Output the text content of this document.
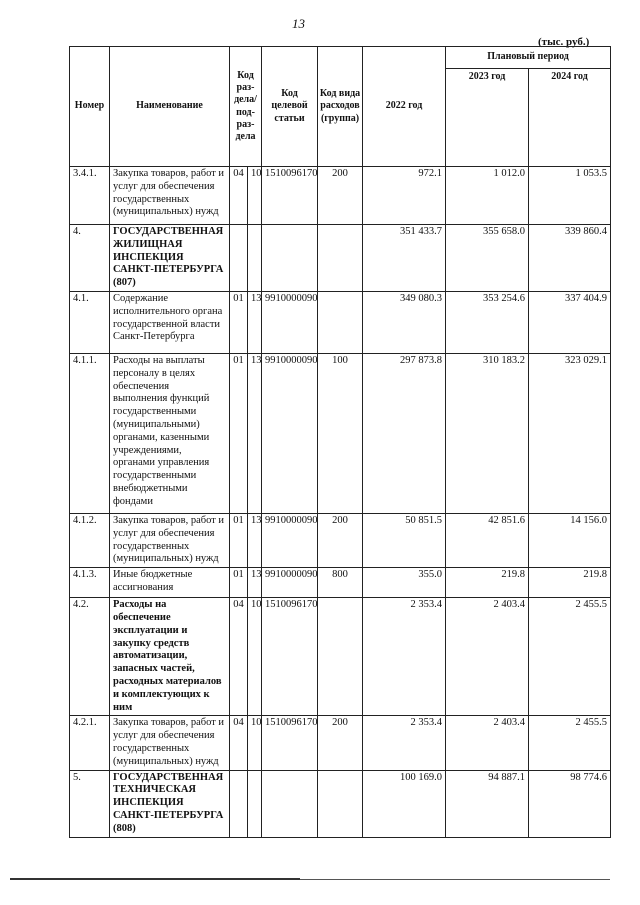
13
(тыс. руб.)
Номер	Наименование	Код раз-дела/ под-раз-дела		Код целевой статьи	Код вида расходов (группа)	2022 год	Плановый период	
							2023 год	2024 год
3.4.1.	Закупка товаров, работ и услуг для обеспечения государственных (муниципальных) нужд	04	10	1510096170	200	972.1	1 012.0	1 053.5
4.	ГОСУДАРСТВЕННАЯ ЖИЛИЩНАЯ ИНСПЕКЦИЯ САНКТ-ПЕТЕРБУРГА (807)					351 433.7	355 658.0	339 860.4
4.1.	Содержание исполнительного органа государственной власти Санкт-Петербурга	01	13	9910000090		349 080.3	353 254.6	337 404.9
4.1.1.	Расходы на выплаты персоналу в целях обеспечения выполнения функций государственными (муниципальными) органами, казенными учреждениями, органами управления государственными внебюджетными фондами	01	13	9910000090	100	297 873.8	310 183.2	323 029.1
4.1.2.	Закупка товаров, работ и услуг для обеспечения государственных (муниципальных) нужд	01	13	9910000090	200	50 851.5	42 851.6	14 156.0
4.1.3.	Иные бюджетные ассигнования	01	13	9910000090	800	355.0	219.8	219.8
4.2.	Расходы на обеспечение эксплуатации и закупку средств автоматизации, запасных частей, расходных материалов и комплектующих к ним	04	10	1510096170		2 353.4	2 403.4	2 455.5
4.2.1.	Закупка товаров, работ и услуг для обеспечения государственных (муниципальных) нужд	04	10	1510096170	200	2 353.4	2 403.4	2 455.5
5.	ГОСУДАРСТВЕННАЯ ТЕХНИЧЕСКАЯ ИНСПЕКЦИЯ САНКТ-ПЕТЕРБУРГА (808)					100 169.0	94 887.1	98 774.6
